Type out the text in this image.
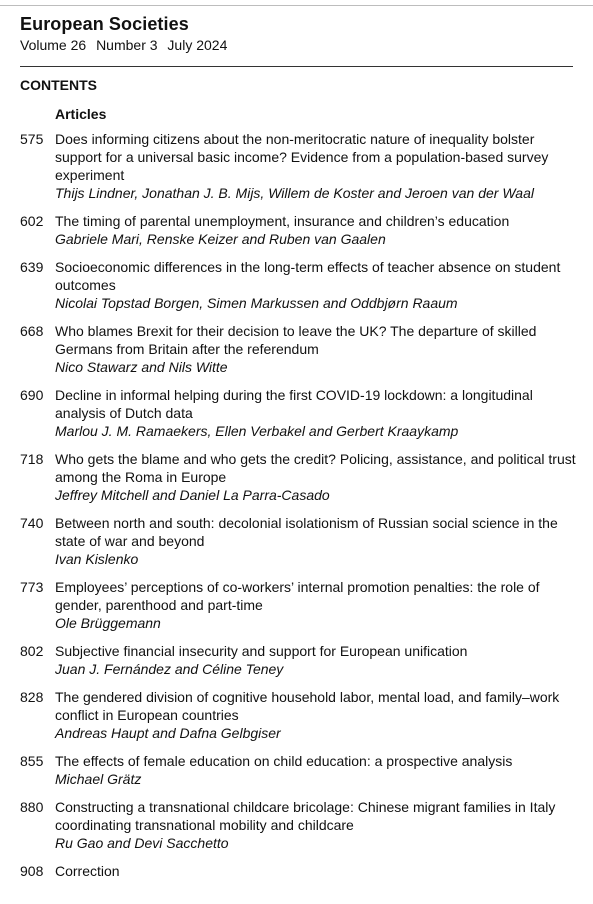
European Societies
Volume 26 Number 3 July 2024
CONTENTS
Articles
575 Does informing citizens about the non-meritocratic nature of inequality bolster support for a universal basic income? Evidence from a population-based survey experiment
Thijs Lindner, Jonathan J. B. Mijs, Willem de Koster and Jeroen van der Waal
602 The timing of parental unemployment, insurance and children’s education
Gabriele Mari, Renske Keizer and Ruben van Gaalen
639 Socioeconomic differences in the long-term effects of teacher absence on student outcomes
Nicolai Topstad Borgen, Simen Markussen and Oddbjørn Raaum
668 Who blames Brexit for their decision to leave the UK? The departure of skilled Germans from Britain after the referendum
Nico Stawarz and Nils Witte
690 Decline in informal helping during the first COVID-19 lockdown: a longitudinal analysis of Dutch data
Marlou J. M. Ramaekers, Ellen Verbakel and Gerbert Kraaykamp
718 Who gets the blame and who gets the credit? Policing, assistance, and political trust among the Roma in Europe
Jeffrey Mitchell and Daniel La Parra-Casado
740 Between north and south: decolonial isolationism of Russian social science in the state of war and beyond
Ivan Kislenko
773 Employees’ perceptions of co-workers’ internal promotion penalties: the role of gender, parenthood and part-time
Ole Brüggemann
802 Subjective financial insecurity and support for European unification
Juan J. Fernández and Céline Teney
828 The gendered division of cognitive household labor, mental load, and family–work conflict in European countries
Andreas Haupt and Dafna Gelbgiser
855 The effects of female education on child education: a prospective analysis
Michael Grätz
880 Constructing a transnational childcare bricolage: Chinese migrant families in Italy coordinating transnational mobility and childcare
Ru Gao and Devi Sacchetto
908 Correction
